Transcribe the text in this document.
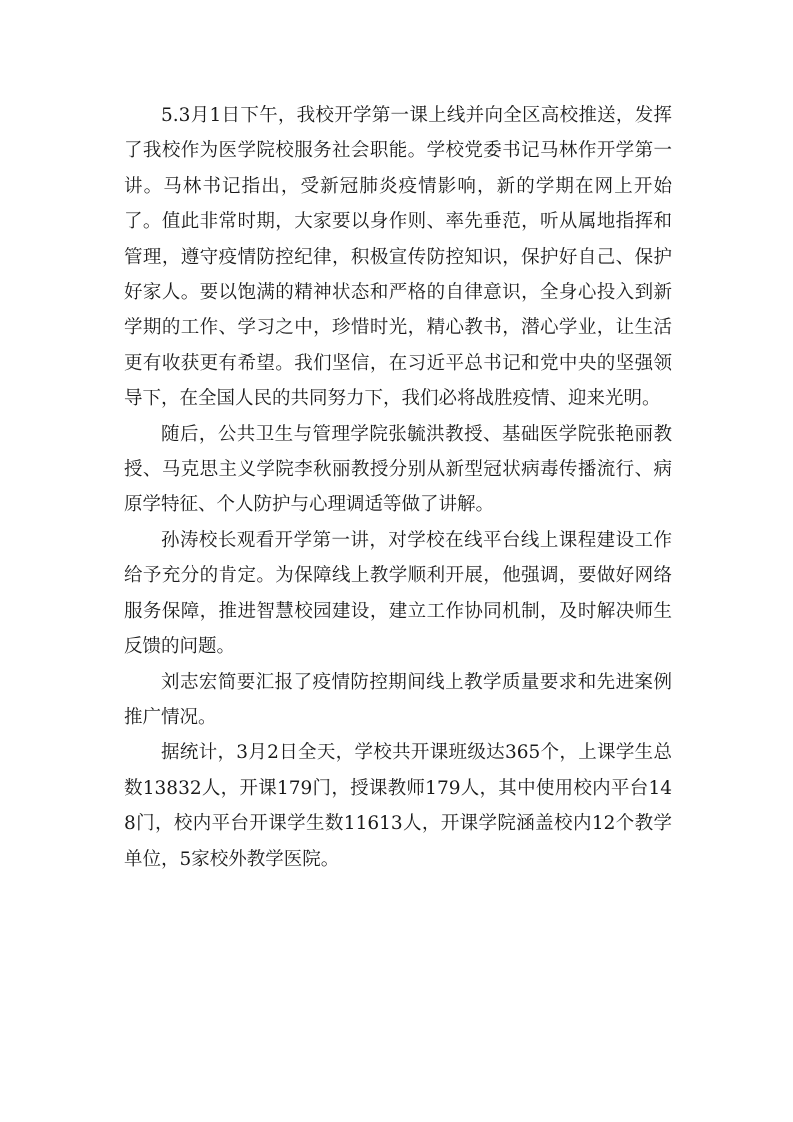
5.3月1日下午，我校开学第一课上线并向全区高校推送，发挥了我校作为医学院校服务社会职能。学校党委书记马林作开学第一讲。马林书记指出，受新冠肺炎疫情影响，新的学期在网上开始了。值此非常时期，大家要以身作则、率先垂范，听从属地指挥和管理，遵守疫情防控纪律，积极宣传防控知识，保护好自己、保护好家人。要以饱满的精神状态和严格的自律意识，全身心投入到新学期的工作、学习之中，珍惜时光，精心教书，潜心学业，让生活更有收获更有希望。我们坚信，在习近平总书记和党中央的坚强领导下，在全国人民的共同努力下，我们必将战胜疫情、迎来光明。

随后，公共卫生与管理学院张毓洪教授、基础医学院张艳丽教授、马克思主义学院李秋丽教授分别从新型冠状病毒传播流行、病原学特征、个人防护与心理调适等做了讲解。

孙涛校长观看开学第一讲，对学校在线平台线上课程建设工作给予充分的肯定。为保障线上教学顺利开展，他强调，要做好网络服务保障，推进智慧校园建设，建立工作协同机制，及时解决师生反馈的问题。

刘志宏简要汇报了疫情防控期间线上教学质量要求和先进案例推广情况。

据统计，3月2日全天，学校共开课班级达365个，上课学生总数13832人，开课179门，授课教师179人，其中使用校内平台148门，校内平台开课学生数11613人，开课学院涵盖校内12个教学单位，5家校外教学医院。
